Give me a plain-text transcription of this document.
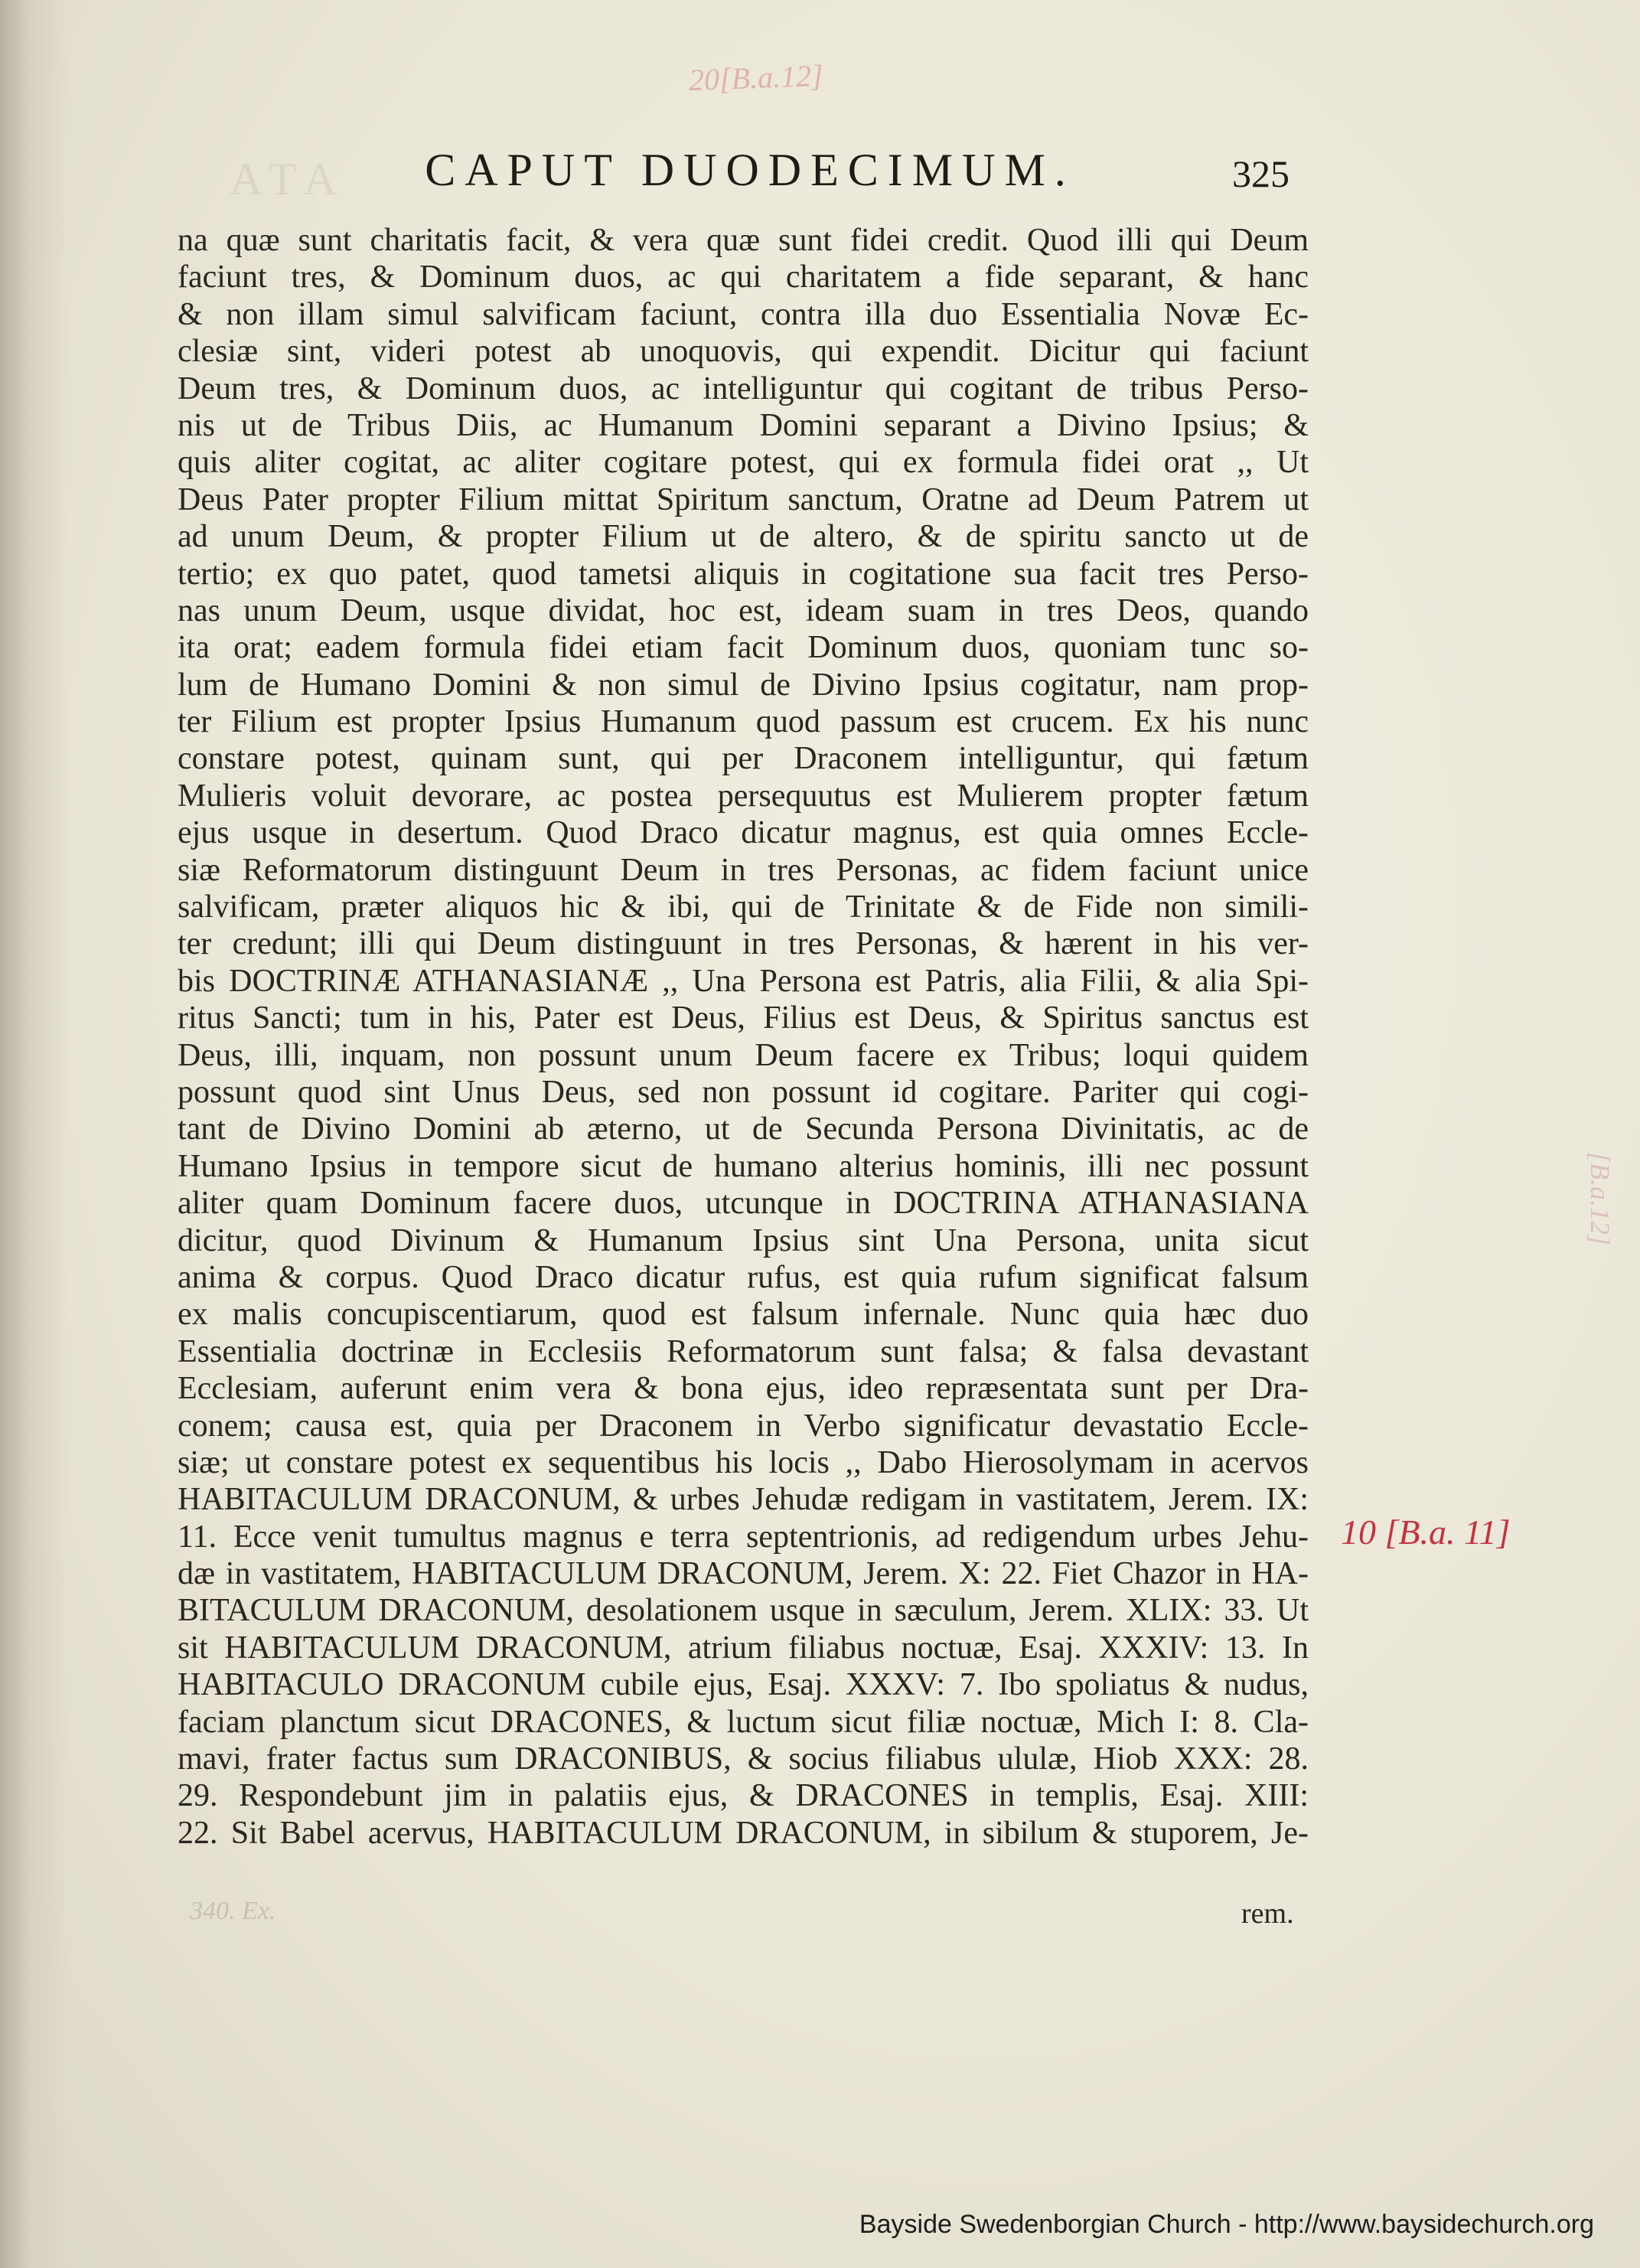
ATA
20[B.a.12]
CAPUT DUODECIMUM.	325
na quæ sunt charitatis facit, & vera quæ sunt fidei credit. Quod illi qui Deum
faciunt tres, & Dominum duos, ac qui charitatem a fide separant, & hanc
& non illam simul salvificam faciunt, contra illa duo Essentialia Novæ Ec-
clesiæ sint, videri potest ab unoquovis, qui expendit. Dicitur qui faciunt
Deum tres, & Dominum duos, ac intelliguntur qui cogitant de tribus Perso-
nis ut de Tribus Diis, ac Humanum Domini separant a Divino Ipsius; &
quis aliter cogitat, ac aliter cogitare potest, qui ex formula fidei orat ,, Ut
Deus Pater propter Filium mittat Spiritum sanctum, Oratne ad Deum Patrem ut
ad unum Deum, & propter Filium ut de altero, & de spiritu sancto ut de
tertio; ex quo patet, quod tametsi aliquis in cogitatione sua facit tres Perso-
nas unum Deum, usque dividat, hoc est, ideam suam in tres Deos, quando
ita orat; eadem formula fidei etiam facit Dominum duos, quoniam tunc so-
lum de Humano Domini & non simul de Divino Ipsius cogitatur, nam prop-
ter Filium est propter Ipsius Humanum quod passum est crucem. Ex his nunc
constare potest, quinam sunt, qui per Draconem intelliguntur, qui fætum
Mulieris voluit devorare, ac postea persequutus est Mulierem propter fætum
ejus usque in desertum. Quod Draco dicatur magnus, est quia omnes Eccle-
siæ Reformatorum distinguunt Deum in tres Personas, ac fidem faciunt unice
salvificam, præter aliquos hic & ibi, qui de Trinitate & de Fide non simili-
ter credunt; illi qui Deum distinguunt in tres Personas, & hærent in his ver-
bis DOCTRINÆ ATHANASIANÆ ,, Una Persona est Patris, alia Filii, & alia Spi-
ritus Sancti; tum in his, Pater est Deus, Filius est Deus, & Spiritus sanctus est
Deus, illi, inquam, non possunt unum Deum facere ex Tribus; loqui quidem
possunt quod sint Unus Deus, sed non possunt id cogitare. Pariter qui cogi-
tant de Divino Domini ab æterno, ut de Secunda Persona Divinitatis, ac de
Humano Ipsius in tempore sicut de humano alterius hominis, illi nec possunt
aliter quam Dominum facere duos, utcunque in DOCTRINA ATHANASIANA
dicitur, quod Divinum & Humanum Ipsius sint Una Persona, unita sicut
anima & corpus. Quod Draco dicatur rufus, est quia rufum significat falsum
ex malis concupiscentiarum, quod est falsum infernale. Nunc quia hæc duo
Essentialia doctrinæ in Ecclesiis Reformatorum sunt falsa; & falsa devastant
Ecclesiam, auferunt enim vera & bona ejus, ideo repræsentata sunt per Dra-
conem; causa est, quia per Draconem in Verbo significatur devastatio Eccle-
siæ; ut constare potest ex sequentibus his locis ,, Dabo Hierosolymam in acervos
HABITACULUM DRACONUM, & urbes Jehudæ redigam in vastitatem, Jerem. IX:
11. Ecce venit tumultus magnus e terra septentrionis, ad redigendum urbes Jehu-
dæ in vastitatem, HABITACULUM DRACONUM, Jerem. X: 22. Fiet Chazor in HA-
BITACULUM DRACONUM, desolationem usque in sæculum, Jerem. XLIX: 33. Ut
sit HABITACULUM DRACONUM, atrium filiabus noctuæ, Esaj. XXXIV: 13. In
HABITACULO DRACONUM cubile ejus, Esaj. XXXV: 7. Ibo spoliatus & nudus,
faciam planctum sicut DRACONES, & luctum sicut filiæ noctuæ, Mich I: 8. Cla-
mavi, frater factus sum DRACONIBUS, & socius filiabus ululæ, Hiob XXX: 28.
29. Respondebunt jim in palatiis ejus, & DRACONES in templis, Esaj. XIII:
22. Sit Babel acervus, HABITACULUM DRACONUM, in sibilum & stuporem, Je-
[B.a.12]
10 [B.a. 11]
340. Ex.	rem.
Bayside Swedenborgian Church - http://www.baysidechurch.org
